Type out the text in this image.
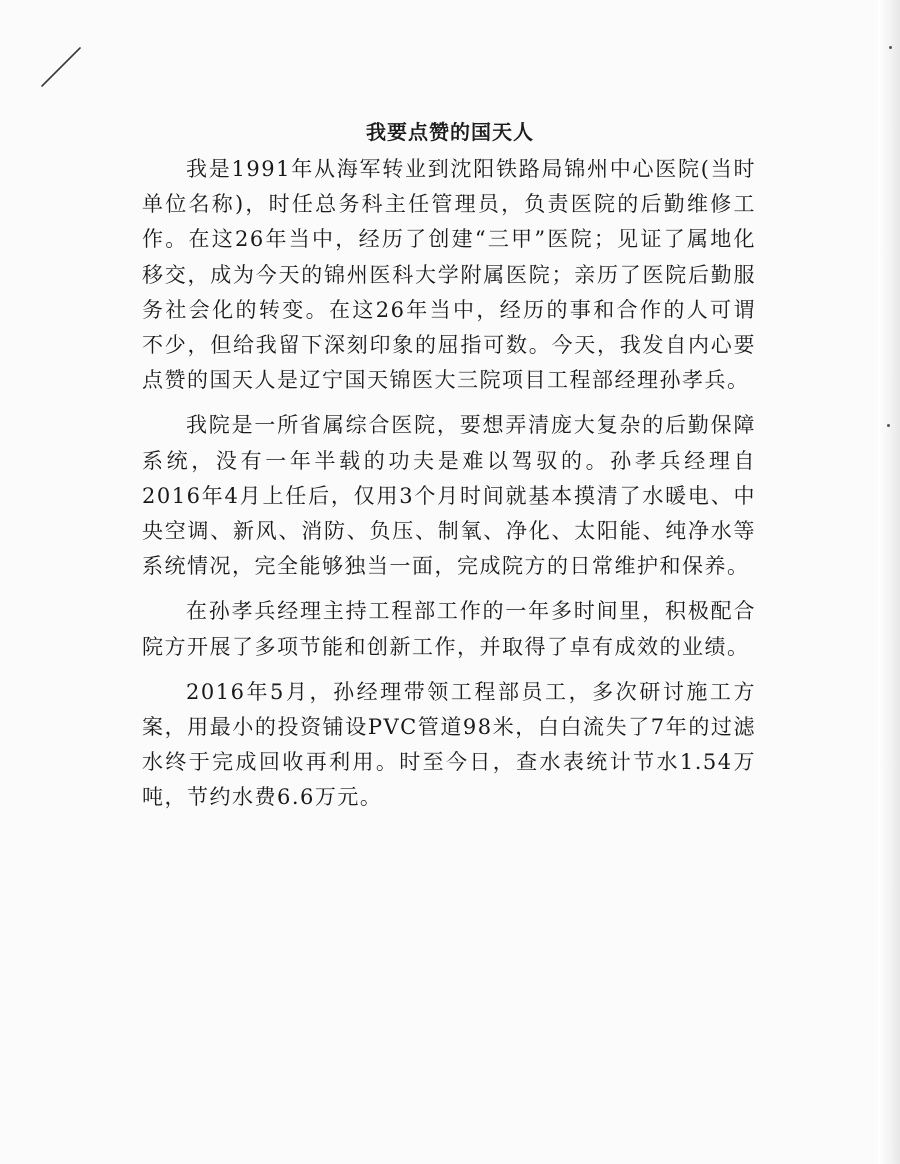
我要点赞的国天人

我是1991年从海军转业到沈阳铁路局锦州中心医院(当时单位名称)，时任总务科主任管理员，负责医院的后勤维修工作。在这26年当中，经历了创建“三甲”医院；见证了属地化移交，成为今天的锦州医科大学附属医院；亲历了医院后勤服务社会化的转变。在这26年当中，经历的事和合作的人可谓不少，但给我留下深刻印象的屈指可数。今天，我发自内心要点赞的国天人是辽宁国天锦医大三院项目工程部经理孙孝兵。

我院是一所省属综合医院，要想弄清庞大复杂的后勤保障系统，没有一年半载的功夫是难以驾驭的。孙孝兵经理自2016年4月上任后，仅用3个月时间就基本摸清了水暖电、中央空调、新风、消防、负压、制氧、净化、太阳能、纯净水等系统情况，完全能够独当一面，完成院方的日常维护和保养。

在孙孝兵经理主持工程部工作的一年多时间里，积极配合院方开展了多项节能和创新工作，并取得了卓有成效的业绩。

2016年5月，孙经理带领工程部员工，多次研讨施工方案，用最小的投资铺设PVC管道98米，白白流失了7年的过滤水终于完成回收再利用。时至今日，查水表统计节水1.54万吨，节约水费6.6万元。
